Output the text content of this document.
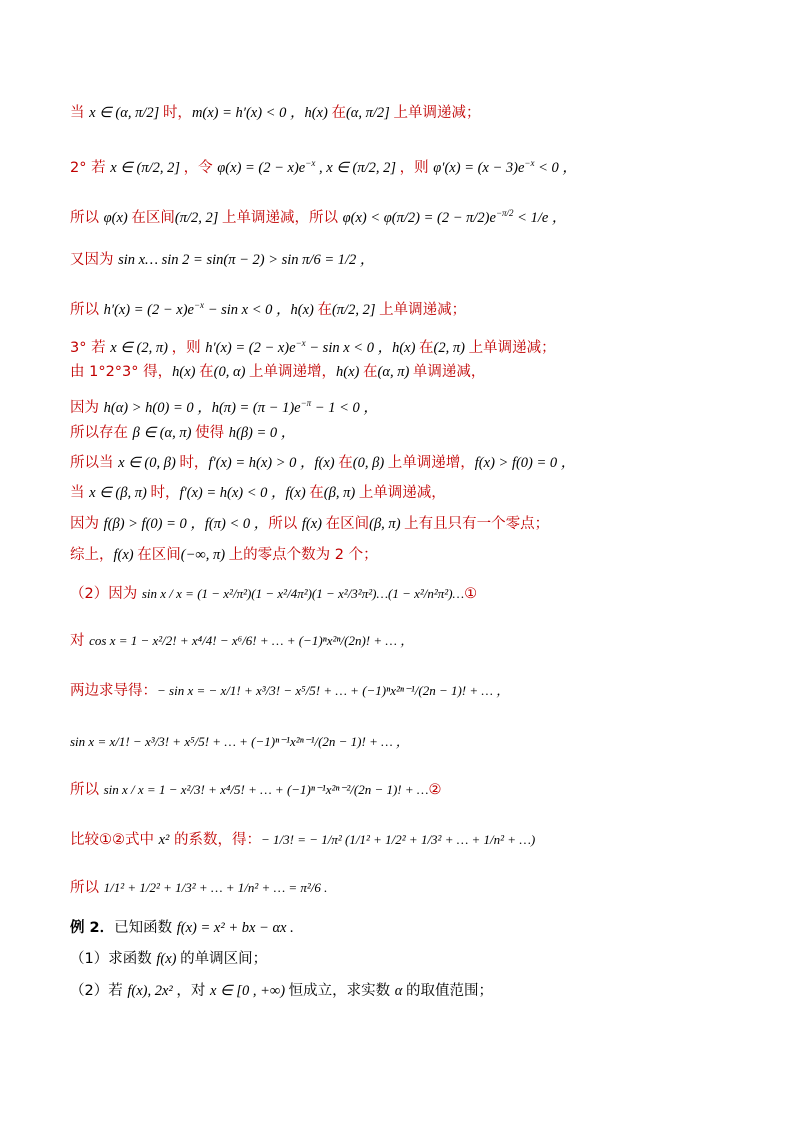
当 x ∈ (α, π/2] 时，m(x) = h′(x) < 0 ，h(x) 在(α, π/2] 上单调递减；
2° 若 x ∈ (π/2, 2] ，令 $\varphi(x) = (2 - x)e^{-x}$ , x ∈ (π/2, 2] ，则 $\varphi'(x) = (x - 3)e^{-x} < 0$ ，
所以 φ(x) 在区间(π/2, 2] 上单调递减，所以 $\varphi(x) < \varphi(\pi/2) = (2 - \pi/2)e^{-\pi/2} < 1/e$ ，
又因为 sin x… sin 2 = sin(π − 2) > sin π/6 = 1/2 ，
所以 $h'(x) = (2 - x)e^{-x} - \sin x < 0$ ，h(x) 在(π/2, 2] 上单调递减；
3° 若 x ∈ (2, π) ，则 $h'(x) = (2 - x)e^{-x} - \sin x < 0$ ，h(x) 在(2, π) 上单调递减；
由 1°2°3° 得，h(x) 在(0, α) 上单调递增，h(x) 在(α, π) 单调递减，
因为 h(α) > h(0) = 0 ，$h(\pi) = (\pi - 1)e^{-\pi} - 1 < 0$ ，
所以存在 β ∈ (α, π) 使得 h(β) = 0 ，
所以当 x ∈ (0, β) 时，f′(x) = h(x) > 0 ，f(x) 在(0, β) 上单调递增，f(x) > f(0) = 0 ，
当 x ∈ (β, π) 时，f′(x) = h(x) < 0 ，f(x) 在(β, π) 上单调递减，
因为 f(β) > f(0) = 0 ，f(π) < 0 ，所以 f(x) 在区间(β, π) 上有且只有一个零点；
综上，f(x) 在区间(−∞, π) 上的零点个数为 2 个；
（2）因为 sin x / x = (1 − x²/π²)(1 − x²/4π²)(1 − x²/3²π²)…(1 − x²/n²π²)…①
对 cos x = 1 − x²/2! + x⁴/4! − x⁶/6! + … + (−1)ⁿx²ⁿ/(2n)! + … ，
两边求导得：− sin x = − x/1! + x³/3! − x⁵/5! + … + (−1)ⁿx²ⁿ⁻¹/(2n − 1)! + … ，
sin x = x/1! − x³/3! + x⁵/5! + … + (−1)ⁿ⁻¹x²ⁿ⁻¹/(2n − 1)! + … ，
所以 sin x / x = 1 − x²/3! + x⁴/5! + … + (−1)ⁿ⁻¹x²ⁿ⁻²/(2n − 1)! + …②
比较①②式中 x² 的系数，得：− 1/3! = − 1/π² (1/1² + 1/2² + 1/3² + … + 1/n² + …)
所以 1/1² + 1/2² + 1/3² + … + 1/n² + … = π²/6 .
例 2．已知函数 f(x) = x² + bx − αx .
（1）求函数 f(x) 的单调区间；
（2）若 f(x), 2x² ，对 x ∈ [0 , +∞) 恒成立，求实数 α 的取值范围；
